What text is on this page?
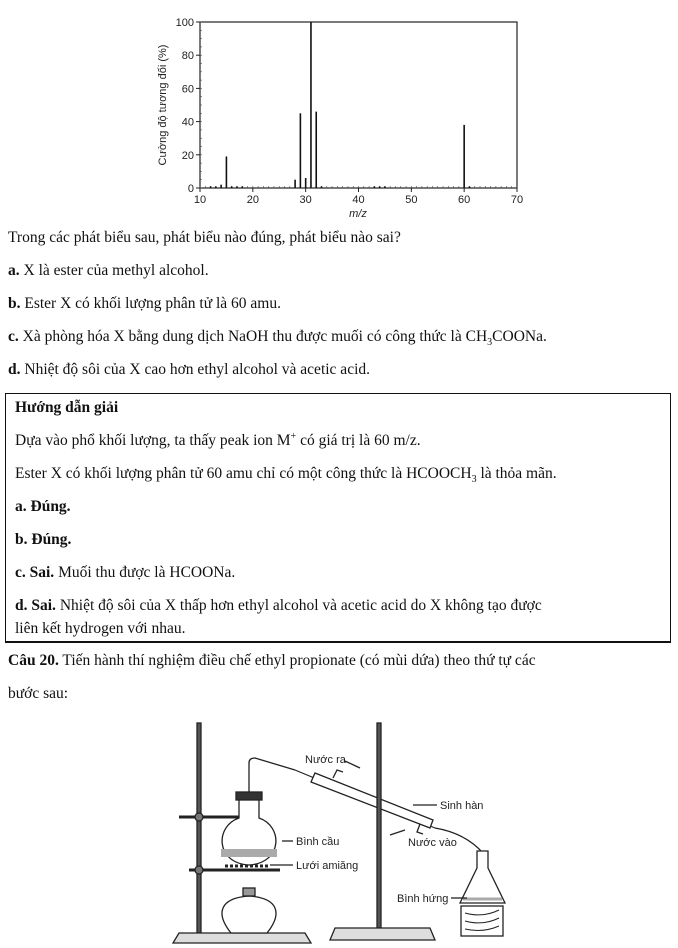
0
20
40
60
80
100
10	20	30	40	50	60	70
Cường độ tương đối (%)
m/z
Trong các phát biểu sau, phát biểu nào đúng, phát biểu nào sai?
a. X là ester của methyl alcohol.
b. Ester X có khối lượng phân tử là 60 amu.
c. Xà phòng hóa X bằng dung dịch NaOH thu được muối có công thức là $CH_3COONa$.
d. Nhiệt độ sôi của X cao hơn ethyl alcohol và acetic acid.
Hướng dẫn giải
Dựa vào phổ khối lượng, ta thấy peak ion M+ có giá trị là 60 m/z.
Ester X có khối lượng phân tử 60 amu chỉ có một công thức là $HCOOCH_3$ là thỏa mãn.
a. Đúng.
b. Đúng.
c. Sai. Muối thu được là HCOONa.
d. Sai. Nhiệt độ sôi của X thấp hơn ethyl alcohol và acetic acid do X không tạo được
liên kết hydrogen với nhau.
Câu 20. Tiến hành thí nghiệm điều chế ethyl propionate (có mùi dứa) theo thứ tự các
bước sau:
Nước ra
Sinh hàn
Nước vào
Bình cầu
Lưới amiăng
Bình hứng
